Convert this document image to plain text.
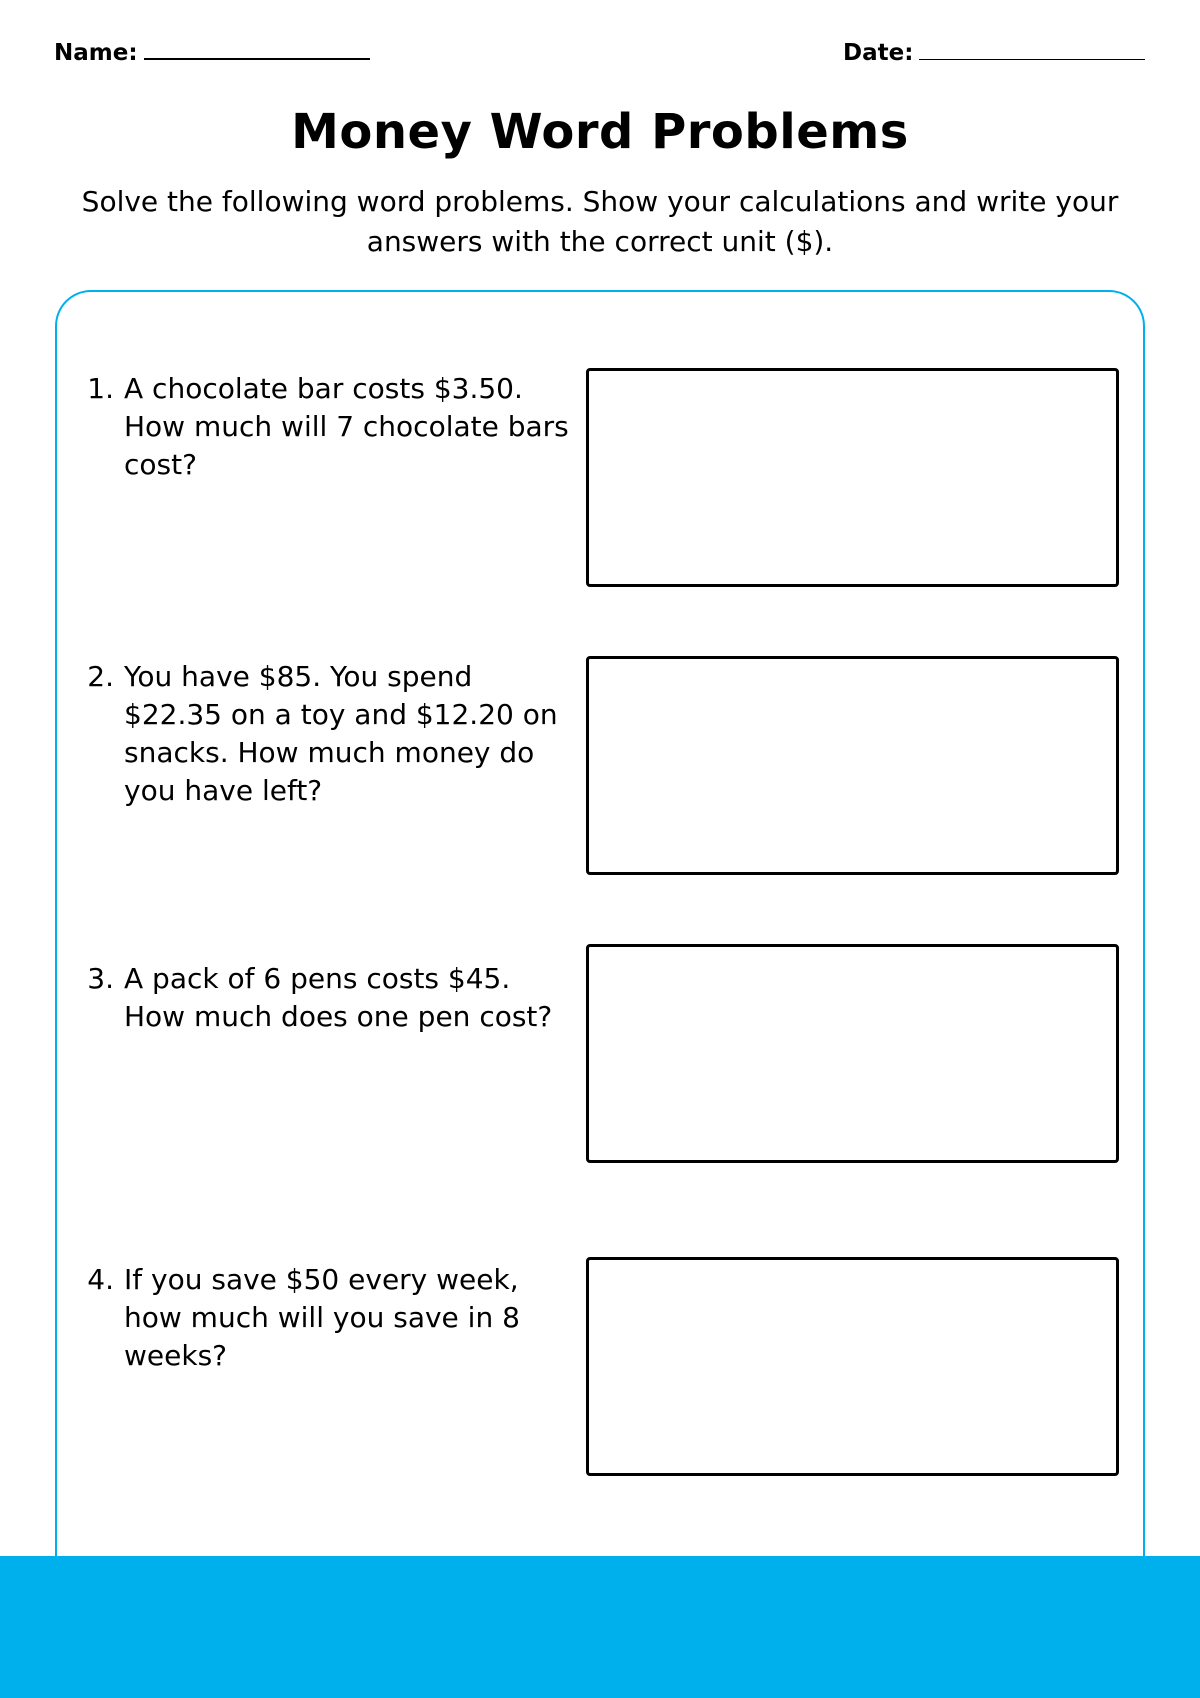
Name:	Date:
Money Word Problems
Solve the following word problems. Show your calculations and write your answers with the correct unit ($).
1. A chocolate bar costs $3.50. How much will 7 chocolate bars cost?
2. You have $85. You spend $22.35 on a toy and $12.20 on snacks. How much money do you have left?
3. A pack of 6 pens costs $45. How much does one pen cost?
4. If you save $50 every week, how much will you save in 8 weeks?
